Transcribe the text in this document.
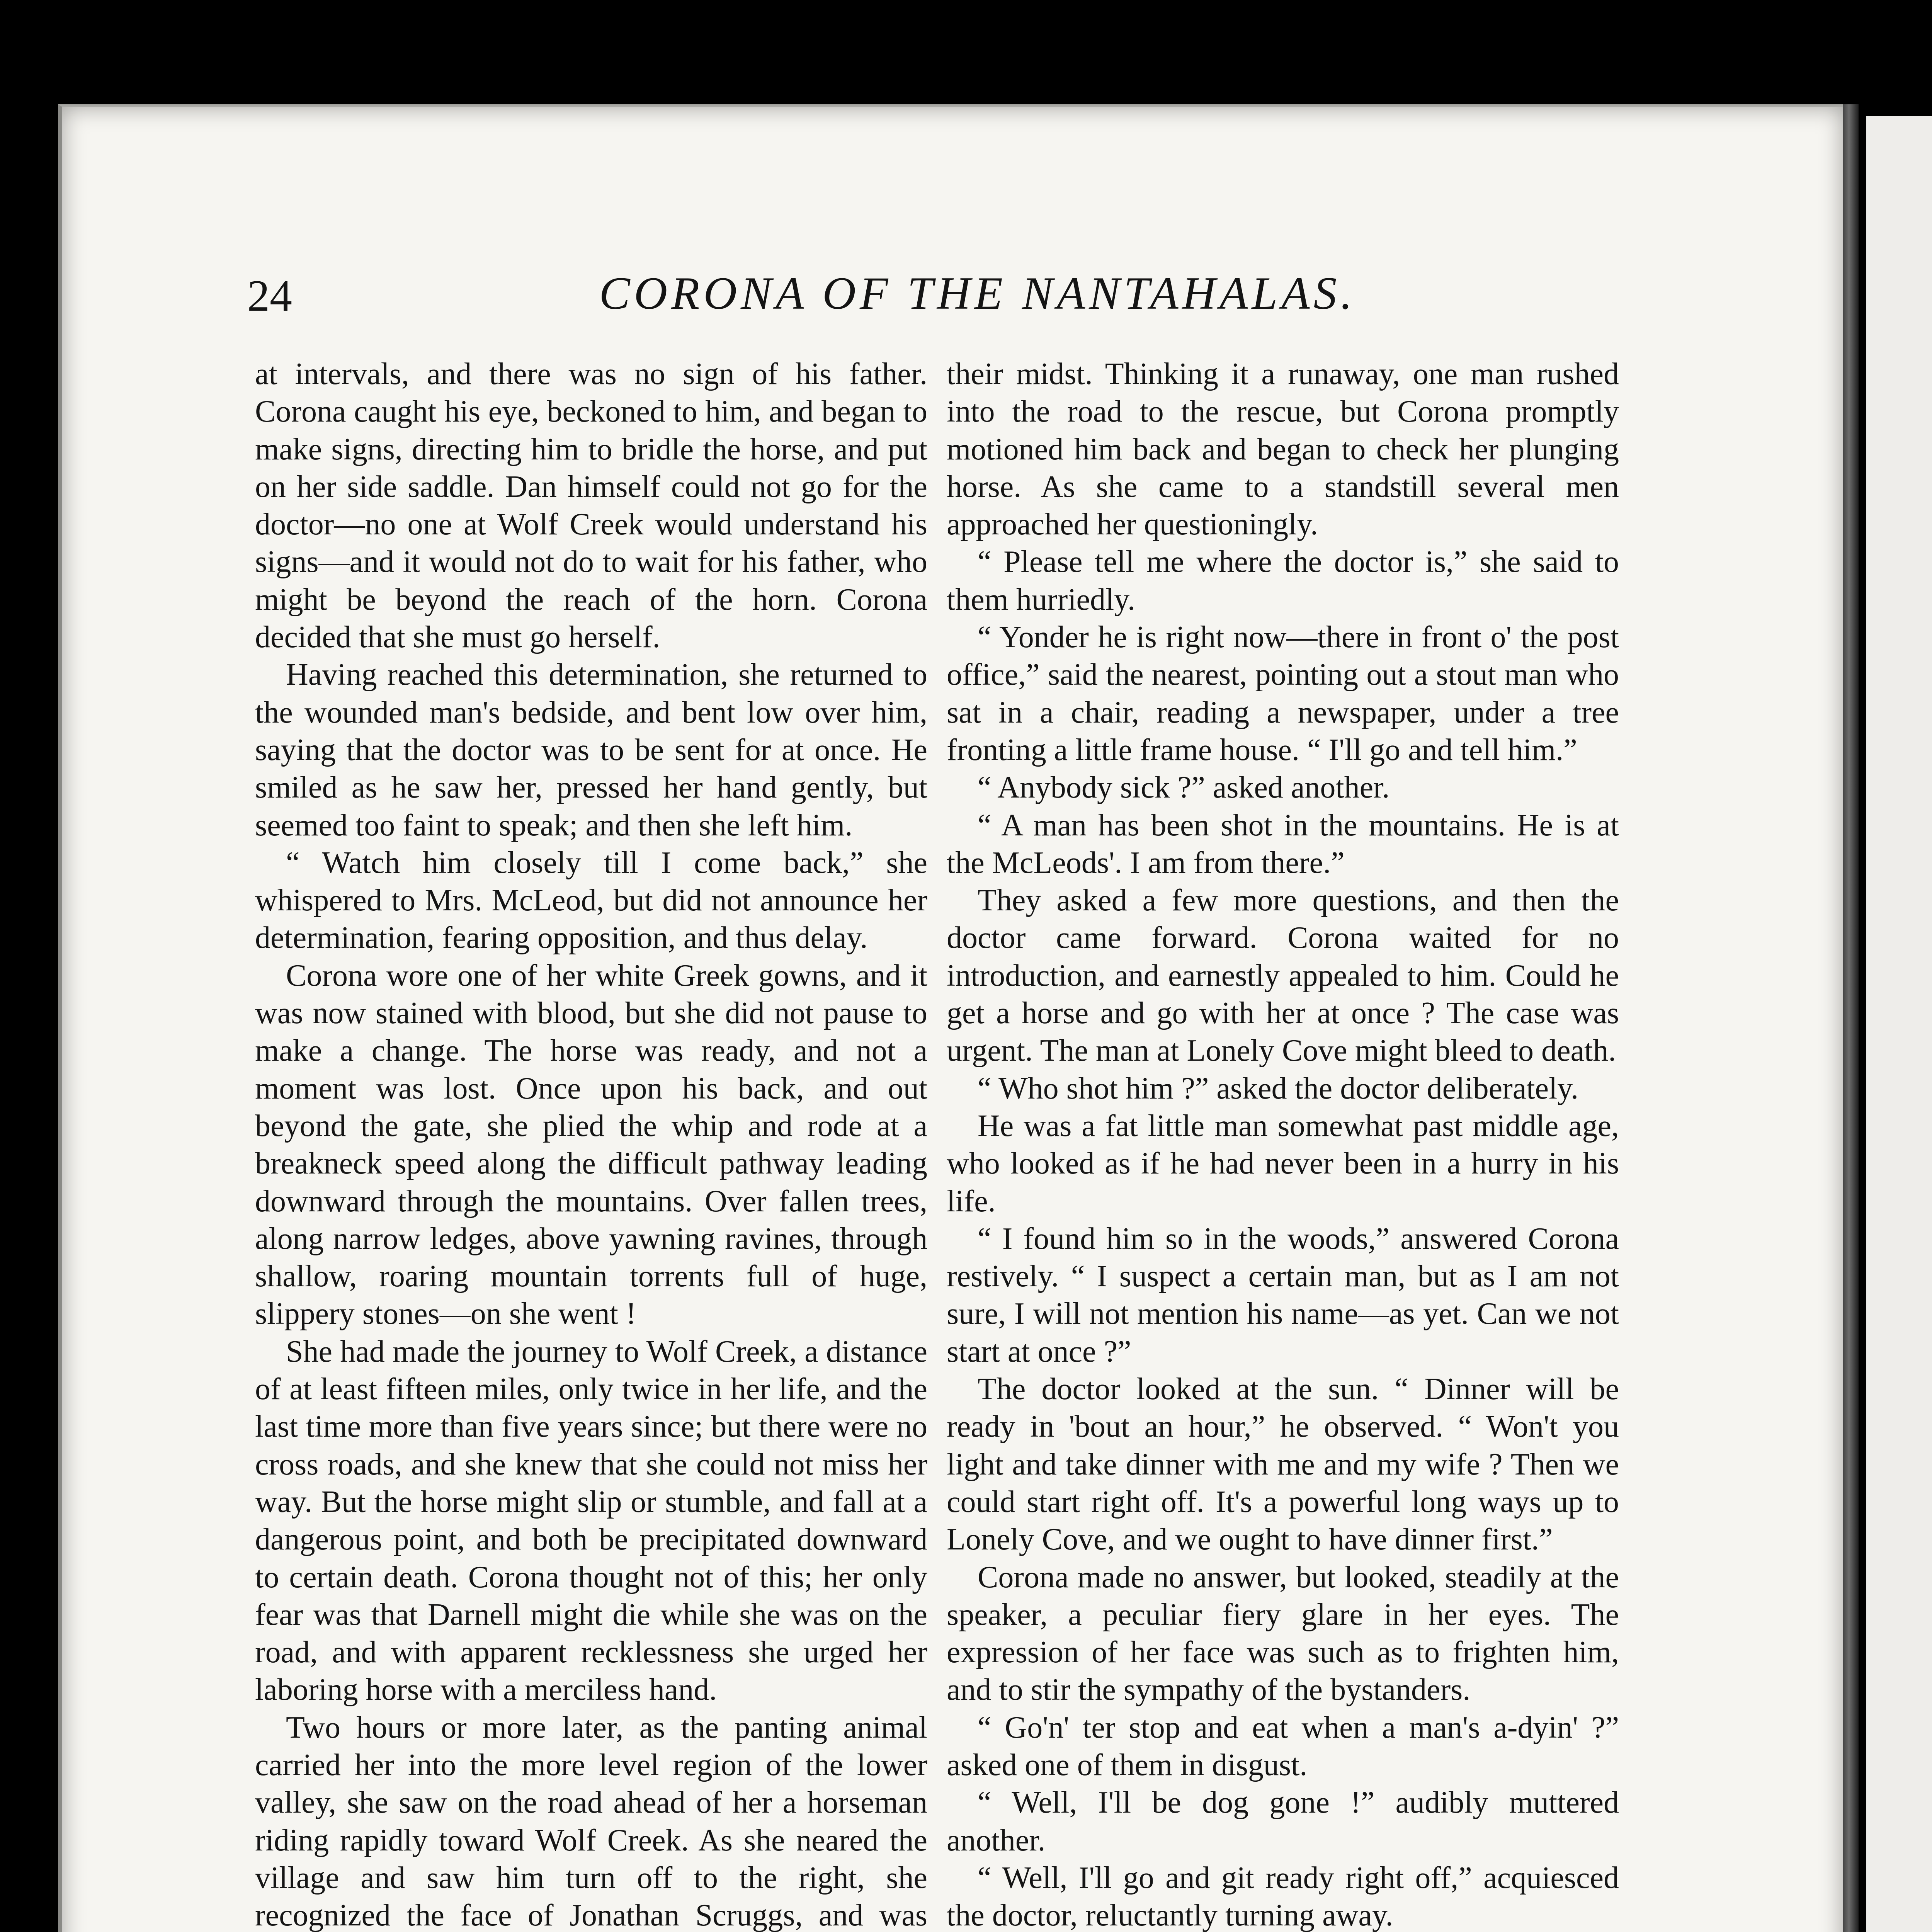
24	CORONA OF THE NANTAHALAS.

at intervals, and there was no sign of his father. Corona caught his eye, beckoned to him, and began to make signs, directing him to bridle the horse, and put on her side saddle. Dan himself could not go for the doctor—no one at Wolf Creek would understand his signs—and it would not do to wait for his father, who might be beyond the reach of the horn. Corona decided that she must go herself.

Having reached this determination, she returned to the wounded man's bedside, and bent low over him, saying that the doctor was to be sent for at once. He smiled as he saw her, pressed her hand gently, but seemed too faint to speak; and then she left him.

“ Watch him closely till I come back,” she whispered to Mrs. McLeod, but did not announce her determination, fearing opposition, and thus delay.

Corona wore one of her white Greek gowns, and it was now stained with blood, but she did not pause to make a change. The horse was ready, and not a moment was lost. Once upon his back, and out beyond the gate, she plied the whip and rode at a breakneck speed along the difficult pathway leading downward through the mountains. Over fallen trees, along narrow ledges, above yawning ravines, through shallow, roaring mountain torrents full of huge, slippery stones—on she went !

She had made the journey to Wolf Creek, a distance of at least fifteen miles, only twice in her life, and the last time more than five years since; but there were no cross roads, and she knew that she could not miss her way. But the horse might slip or stumble, and fall at a dangerous point, and both be precipitated downward to certain death. Corona thought not of this; her only fear was that Darnell might die while she was on the road, and with apparent recklessness she urged her laboring horse with a merciless hand.

Two hours or more later, as the panting animal carried her into the more level region of the lower valley, she saw on the road ahead of her a horseman riding rapidly toward Wolf Creek. As she neared the village and saw him turn off to the right, she recognized the face of Jonathan Scruggs, and was

their midst. Thinking it a runaway, one man rushed into the road to the rescue, but Corona promptly motioned him back and began to check her plunging horse. As she came to a standstill several men approached her questioningly.

“ Please tell me where the doctor is,” she said to them hurriedly.

“ Yonder he is right now—there in front o' the post office,” said the nearest, pointing out a stout man who sat in a chair, reading a newspaper, under a tree fronting a little frame house. “ I'll go and tell him.”

“ Anybody sick ?” asked another.

“ A man has been shot in the mountains. He is at the McLeods'. I am from there.”

They asked a few more questions, and then the doctor came forward. Corona waited for no introduction, and earnestly appealed to him. Could he get a horse and go with her at once ? The case was urgent. The man at Lonely Cove might bleed to death.

“ Who shot him ?” asked the doctor deliberately.

He was a fat little man somewhat past middle age, who looked as if he had never been in a hurry in his life.

“ I found him so in the woods,” answered Corona restively. “ I suspect a certain man, but as I am not sure, I will not mention his name—as yet. Can we not start at once ?”

The doctor looked at the sun. “ Dinner will be ready in 'bout an hour,” he observed. “ Won't you light and take dinner with me and my wife ? Then we could start right off. It's a powerful long ways up to Lonely Cove, and we ought to have dinner first.”

Corona made no answer, but looked, steadily at the speaker, a peculiar fiery glare in her eyes. The expression of her face was such as to frighten him, and to stir the sympathy of the bystanders.

“ Go'n' ter stop and eat when a man's a-dyin' ?” asked one of them in disgust.

“ Well, I'll be dog gone !” audibly muttered another.

“ Well, I'll go and git ready right off,” acquiesced the doctor, reluctantly turning away.
